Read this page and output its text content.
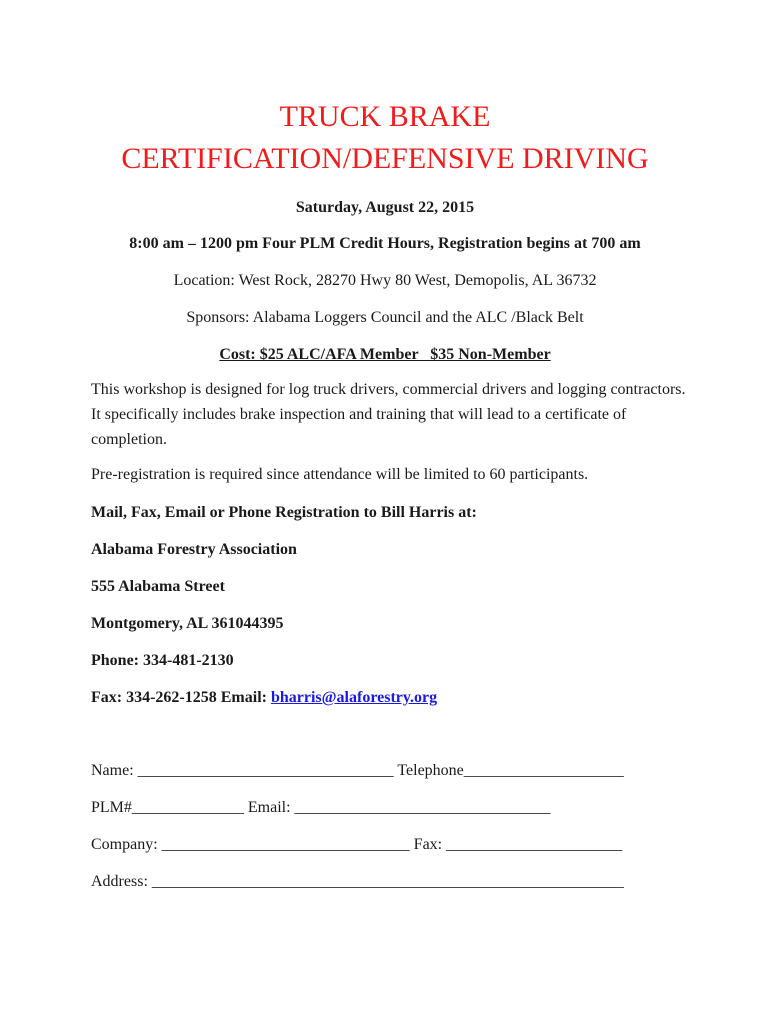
TRUCK BRAKE
CERTIFICATION/DEFENSIVE DRIVING
Saturday, August 22, 2015
8:00 am – 1200 pm Four PLM Credit Hours, Registration begins at 700 am
Location: West Rock, 28270 Hwy 80 West, Demopolis, AL 36732
Sponsors: Alabama Loggers Council and the ALC /Black Belt
Cost: $25 ALC/AFA Member   $35 Non-Member
This workshop is designed for log truck drivers, commercial drivers and logging contractors. It specifically includes brake inspection and training that will lead to a certificate of completion.
Pre-registration is required since attendance will be limited to 60 participants.
Mail, Fax, Email or Phone Registration to Bill Harris at:
Alabama Forestry Association
555 Alabama Street
Montgomery, AL 361044395
Phone: 334-481-2130
Fax: 334-262-1258 Email: bharris@alaforestry.org
Name: ________________________________ Telephone____________________
PLM#______________ Email: ________________________________
Company: _______________________________ Fax: ______________________
Address: ___________________________________________________________
